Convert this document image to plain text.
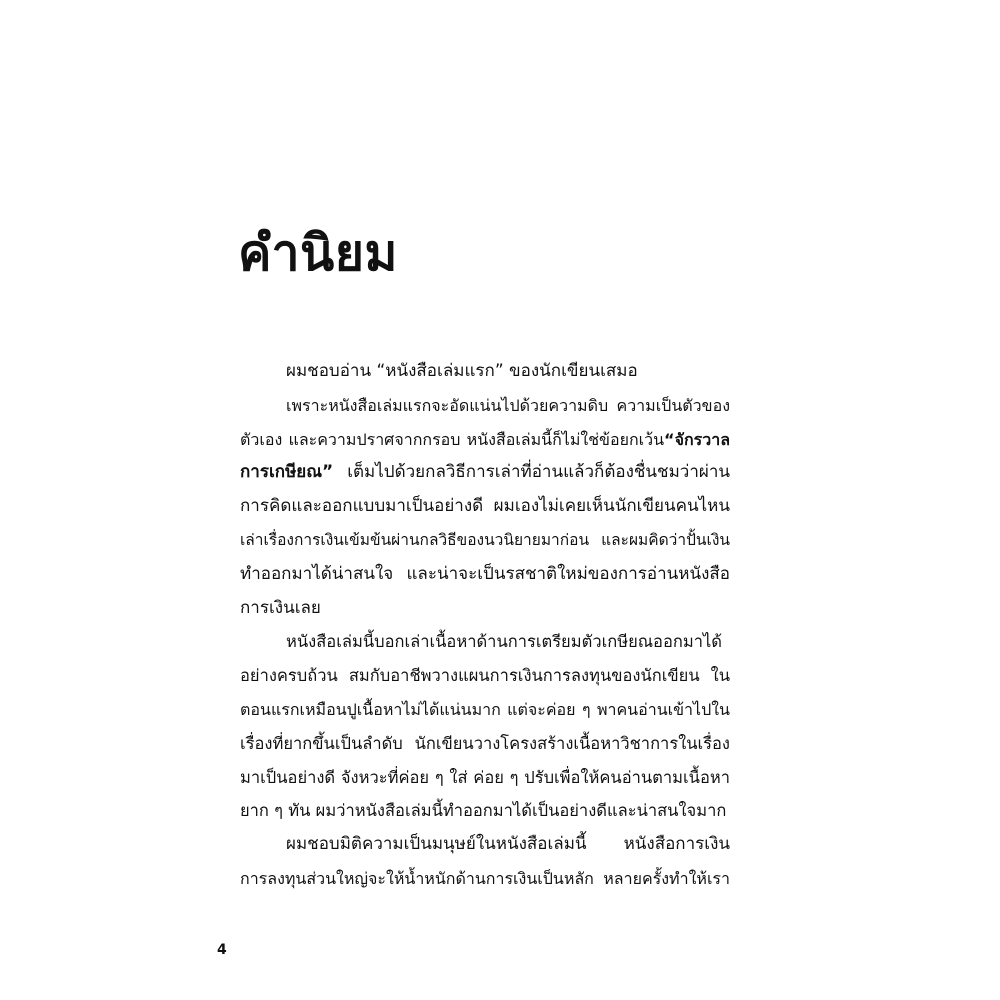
คำนิยม
ผมชอบอ่าน “หนังสือเล่มแรก” ของนักเขียนเสมอ
เพราะหนังสือเล่มแรกจะอัดแน่นไปด้วยความดิบ ความเป็นตัวของ
ตัวเอง และความปราศจากกรอบ หนังสือเล่มนี้ก็ไม่ใช่ข้อยกเว้น“จักรวาล
การเกษียณ” เต็มไปด้วยกลวิธีการเล่าที่อ่านแล้วก็ต้องชื่นชมว่าผ่าน
การคิดและออกแบบมาเป็นอย่างดี ผมเองไม่เคยเห็นนักเขียนคนไหน
เล่าเรื่องการเงินเข้มข้นผ่านกลวิธีของนวนิยายมาก่อน และผมคิดว่าปั้นเงิน
ทำออกมาได้น่าสนใจ และน่าจะเป็นรสชาติใหม่ของการอ่านหนังสือ
การเงินเลย
หนังสือเล่มนี้บอกเล่าเนื้อหาด้านการเตรียมตัวเกษียณออกมาได้
อย่างครบถ้วน สมกับอาชีพวางแผนการเงินการลงทุนของนักเขียน ใน
ตอนแรกเหมือนปูเนื้อหาไม่ได้แน่นมาก แต่จะค่อย ๆ พาคนอ่านเข้าไปใน
เรื่องที่ยากขึ้นเป็นลำดับ นักเขียนวางโครงสร้างเนื้อหาวิชาการในเรื่อง
มาเป็นอย่างดี จังหวะที่ค่อย ๆ ใส่ ค่อย ๆ ปรับเพื่อให้คนอ่านตามเนื้อหา
ยาก ๆ ทัน ผมว่าหนังสือเล่มนี้ทำออกมาได้เป็นอย่างดีและน่าสนใจมาก
ผมชอบมิติความเป็นมนุษย์ในหนังสือเล่มนี้ หนังสือการเงิน
การลงทุนส่วนใหญ่จะให้น้ำหนักด้านการเงินเป็นหลัก หลายครั้งทำให้เรา
4
